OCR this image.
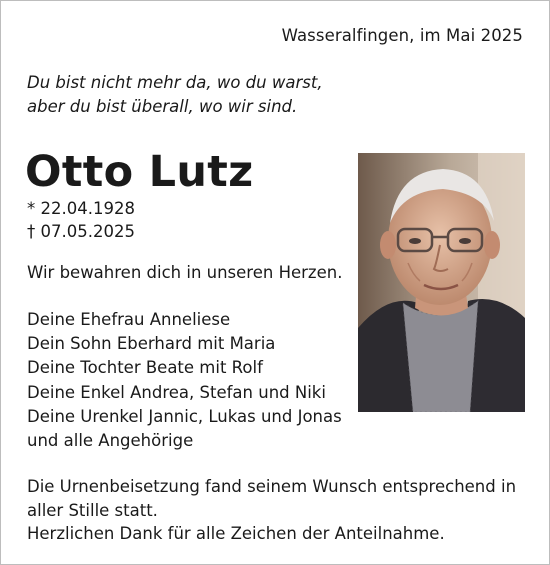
Wasseralfingen, im Mai 2025
Du bist nicht mehr da, wo du warst,
aber du bist überall, wo wir sind.
Otto Lutz
* 22.04.1928
† 07.05.2025
Wir bewahren dich in unseren Herzen.
Deine Ehefrau Anneliese
Dein Sohn Eberhard mit Maria
Deine Tochter Beate mit Rolf
Deine Enkel Andrea, Stefan und Niki
Deine Urenkel Jannic, Lukas und Jonas
und alle Angehörige
Die Urnenbeisetzung fand seinem Wunsch entsprechend in aller Stille statt.
Herzlichen Dank für alle Zeichen der Anteilnahme.
